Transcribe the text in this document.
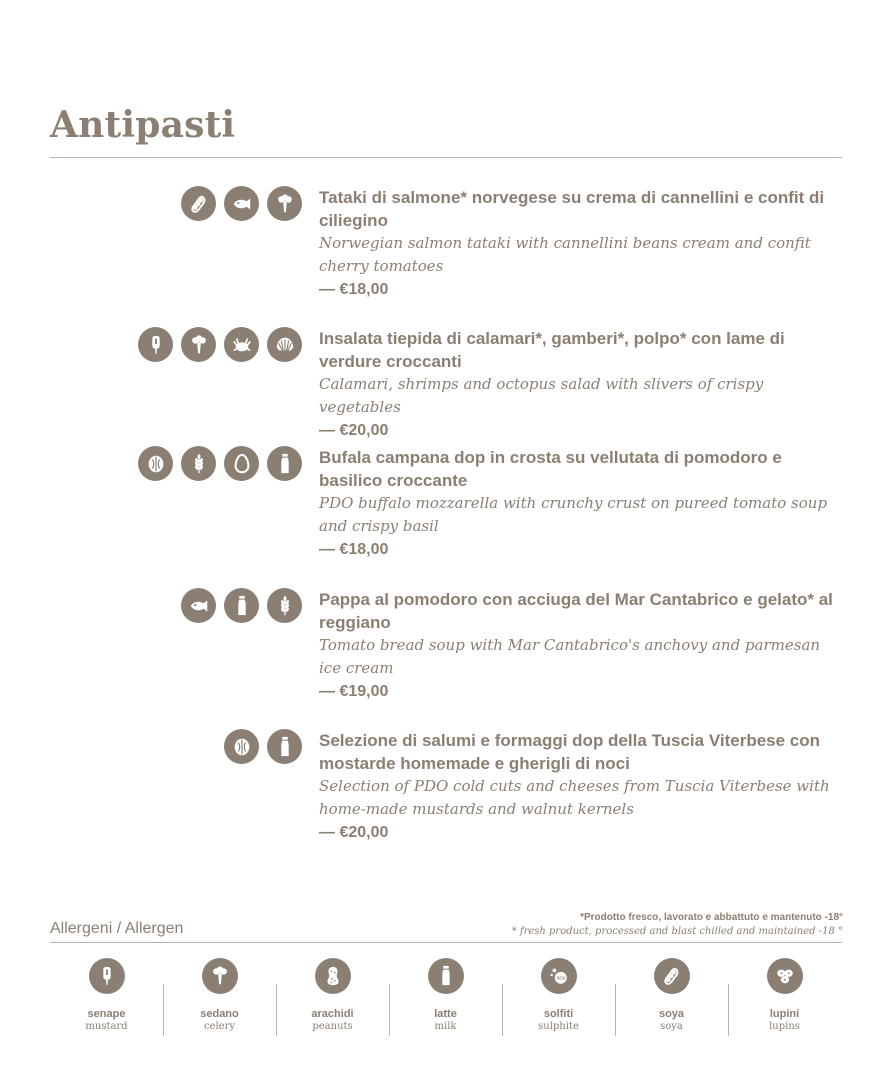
Antipasti
Tataki di salmone* norvegese su crema di cannellini e confit di ciliegino
Norwegian salmon tataki with cannellini beans cream and confit cherry tomatoes
— €18,00
Insalata tiepida di calamari*, gamberi*, polpo* con lame di verdure croccanti
Calamari, shrimps and octopus salad with slivers of crispy vegetables
— €20,00
Bufala campana dop in crosta su vellutata di pomodoro e basilico croccante
PDO buffalo mozzarella with crunchy crust on pureed tomato soup and crispy basil
— €18,00
Pappa al pomodoro con acciuga del Mar Cantabrico e gelato* al reggiano
Tomato bread soup with Mar Cantabrico's anchovy and parmesan ice cream
— €19,00
Selezione di salumi e formaggi dop della Tuscia Viterbese con mostarde homemade e gherigli di noci
Selection of PDO cold cuts and cheeses from Tuscia Viterbese with home-made mustards and walnut kernels
— €20,00
Allergeni / Allergen
*Prodotto fresco, lavorato e abbattuto e mantenuto -18°
* fresh product, processed and blast chilled and maintained -18 °
senape
mustard
sedano
celery
arachidi
peanuts
latte
milk
SO2
solfiti
sulphite
soya
soya
lupini
lupins
